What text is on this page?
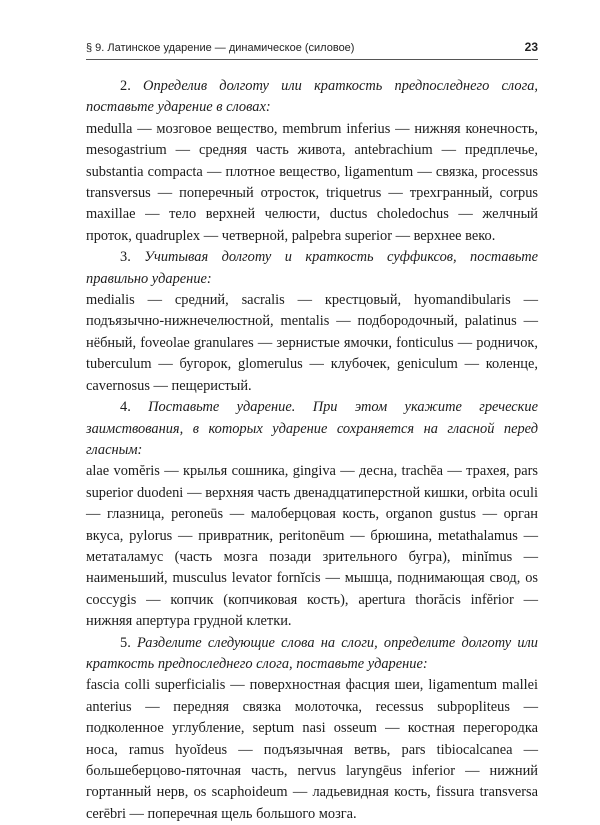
§ 9. Латинское ударение — динамическое (силовое)	23

2. Определив долготу или краткость предпоследнего слога, поставьте ударение в словах:

medulla — мозговое вещество, membrum inferius — нижняя конечность, mesogastrium — средняя часть живота, antebrachium — предплечье, substantia compacta — плотное вещество, ligamentum — связка, processus transversus — поперечный отросток, triquetrus — трехгранный, corpus maxillae — тело верхней челюсти, ductus choledochus — желчный проток, quadruplex — четверной, palpebra superior — верхнее веко.

3. Учитывая долготу и краткость суффиксов, поставьте правильно ударение:

medialis — средний, sacralis — крестцовый, hyomandibularis — подъязычно-нижнечелюстной, mentalis — подбородочный, palatinus — нёбный, foveolae granulares — зернистые ямочки, fonticulus — родничок, tuberculum — бугорок, glomerulus — клубочек, geniculum — коленце, cavernosus — пещеристый.

4. Поставьте ударение. При этом укажите греческие заимствования, в которых ударение сохраняется на гласной перед гласным:

alae vomĕris — крылья сошника, gingiva — десна, trachēa — трахея, pars superior duodeni — верхняя часть двенадцатиперстной кишки, orbita oculi — глазница, peroneūs — малоберцовая кость, organon gustus — орган вкуса, pylorus — привратник, peritonēum — брюшина, metathalamus — метаталамус (часть мозга позади зрительного бугра), minĭmus — наименьший, musculus levator fornĭcis — мышца, поднимающая свод, os coccygis — копчик (копчиковая кость), apertura thorăcis infĕrior — нижняя апертура грудной клетки.

5. Разделите следующие слова на слоги, определите долготу или краткость предпоследнего слога, поставьте ударение:

fascia colli superficialis — поверхностная фасция шеи, ligamentum mallei anterius — передняя связка молоточка, recessus subpopliteus — подколенное углубление, septum nasi osseum — костная перегородка носа, ramus hyoĭdeus — подъязычная ветвь, pars tibiocalcanea — большеберцово-пяточная часть, nervus laryngēus inferior — нижний гортанный нерв, os scaphoideum — ладьевидная кость, fissura transversa cerēbri — поперечная щель большого мозга.
